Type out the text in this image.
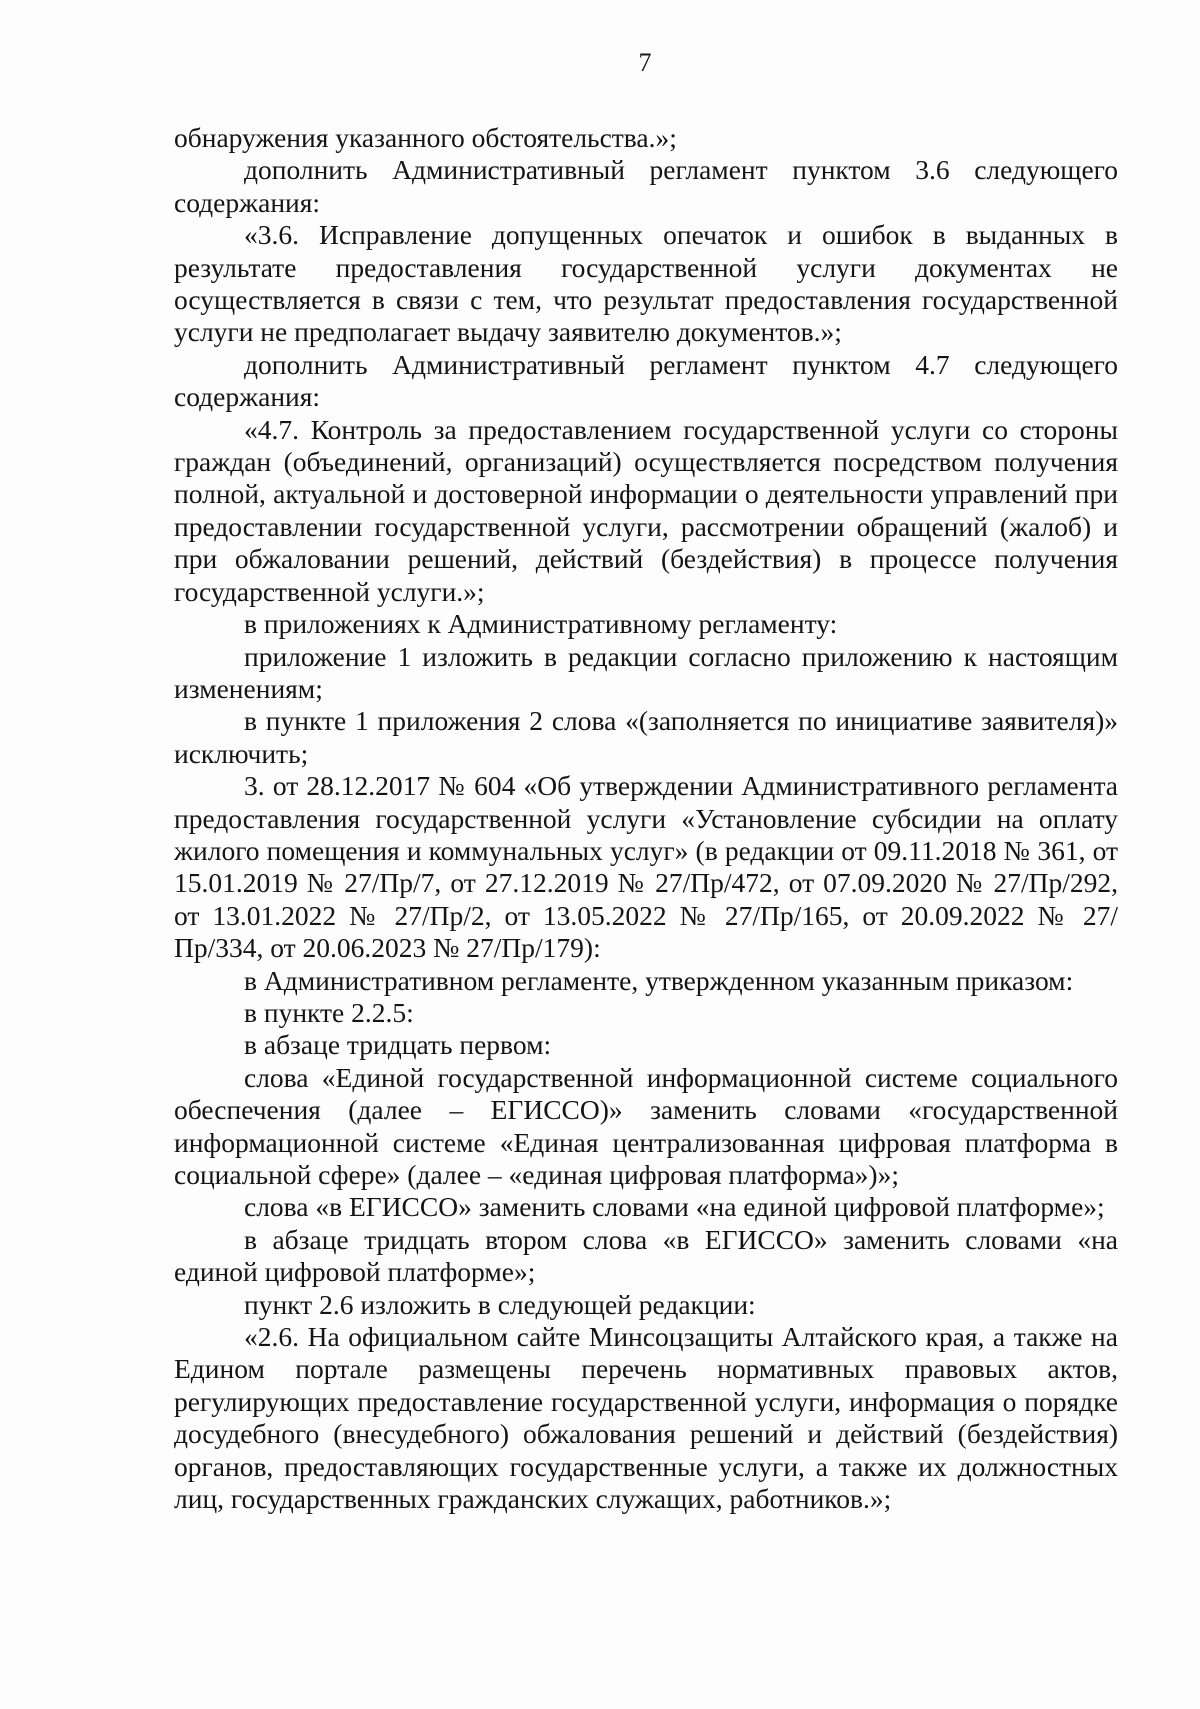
7

обнаружения указанного обстоятельства.»;

дополнить Административный регламент пунктом 3.6 следующего содержания:

«3.6. Исправление допущенных опечаток и ошибок в выданных в результате предоставления государственной услуги документах не осуществляется в связи с тем, что результат предоставления государственной услуги не предполагает выдачу заявителю документов.»;

дополнить Административный регламент пунктом 4.7 следующего содержания:

«4.7. Контроль за предоставлением государственной услуги со стороны граждан (объединений, организаций) осуществляется посредством получения полной, актуальной и достоверной информации о деятельности управлений при предоставлении государственной услуги, рассмотрении обращений (жалоб) и при обжаловании решений, действий (бездействия) в процессе получения государственной услуги.»;

в приложениях к Административному регламенту:

приложение 1 изложить в редакции согласно приложению к настоящим изменениям;

в пункте 1 приложения 2 слова «(заполняется по инициативе заявителя)» исключить;

3. от 28.12.2017 № 604 «Об утверждении Административного регламента предоставления государственной услуги «Установление субсидии на оплату жилого помещения и коммунальных услуг» (в редакции от 09.11.2018 № 361, от 15.01.2019 № 27/Пр/7, от 27.12.2019 № 27/Пр/472, от 07.09.2020 № 27/Пр/292, от 13.01.2022 № 27/Пр/2, от 13.05.2022 № 27/Пр/165, от 20.09.2022 № 27/Пр/334, от 20.06.2023 № 27/Пр/179):

в Административном регламенте, утвержденном указанным приказом:

в пункте 2.2.5:

в абзаце тридцать первом:

слова «Единой государственной информационной системе социального обеспечения (далее – ЕГИССО)» заменить словами «государственной информационной системе «Единая централизованная цифровая платформа в социальной сфере» (далее – «единая цифровая платформа»)»;

слова «в ЕГИССО» заменить словами «на единой цифровой платформе»;

в абзаце тридцать втором слова «в ЕГИССО» заменить словами «на единой цифровой платформе»;

пункт 2.6 изложить в следующей редакции:

«2.6. На официальном сайте Минсоцзащиты Алтайского края, а также на Едином портале размещены перечень нормативных правовых актов, регулирующих предоставление государственной услуги, информация о порядке досудебного (внесудебного) обжалования решений и действий (бездействия) органов, предоставляющих государственные услуги, а также их должностных лиц, государственных гражданских служащих, работников.»;
